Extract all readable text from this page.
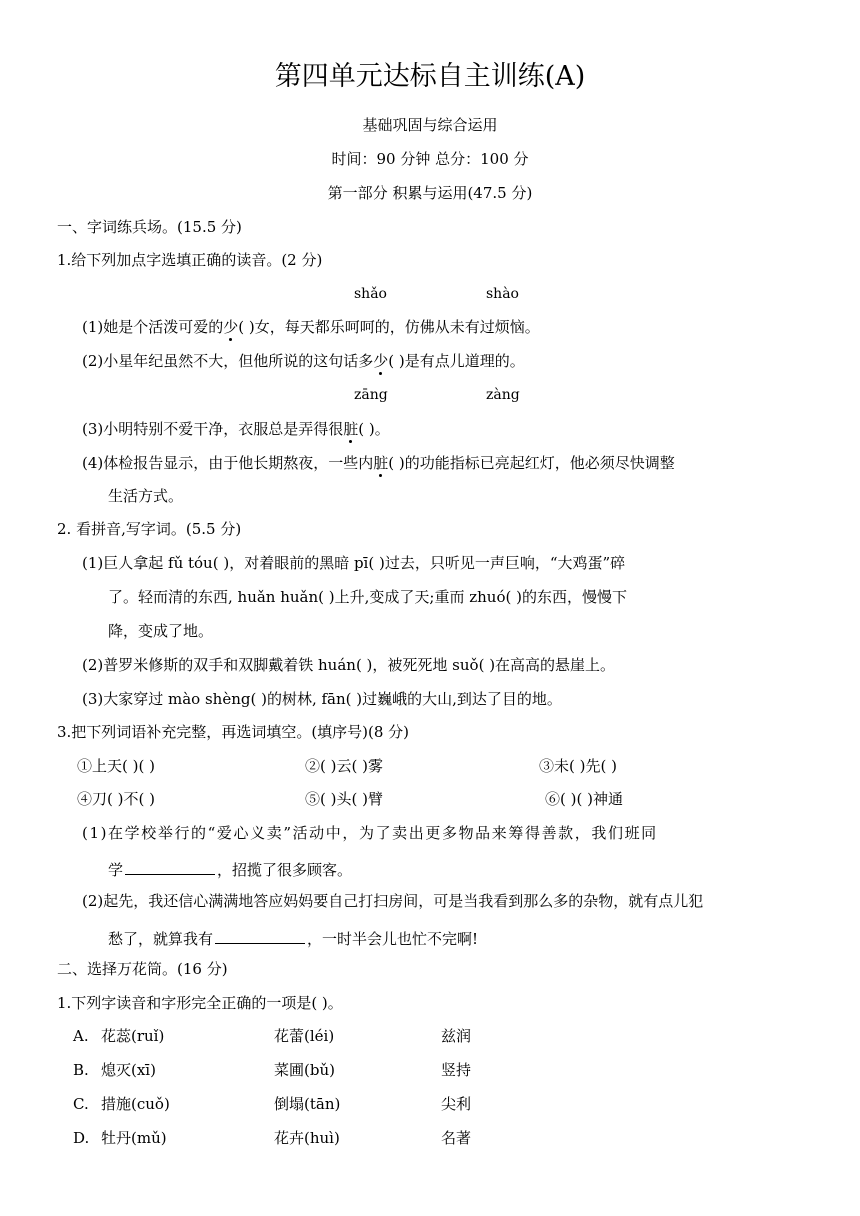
第四单元达标自主训练(A)
基础巩固与综合运用
时间：90 分钟 总分：100 分
第一部分 积累与运用(47.5 分)
一、字词练兵场。(15.5 分)
1.给下列加点字选填正确的读音。(2 分)
shǎo	shào
(1)她是个活泼可爱的少( )女，每天都乐呵呵的，仿佛从未有过烦恼。
(2)小星年纪虽然不大，但他所说的这句话多少( )是有点儿道理的。
zāng	zàng
(3)小明特别不爱干净，衣服总是弄得很脏( )。
(4)体检报告显示，由于他长期熬夜，一些内脏( )的功能指标已亮起红灯，他必须尽快调整
生活方式。
2. 看拼音,写字词。(5.5 分)
(1)巨人拿起 fǔ tóu( )，对着眼前的黑暗 pī( )过去，只听见一声巨响，“大鸡蛋”碎
了。轻而清的东西, huǎn huǎn( )上升,变成了天;重而 zhuó( )的东西，慢慢下
降，变成了地。
(2)普罗米修斯的双手和双脚戴着铁 huán( )，被死死地 suǒ( )在高高的悬崖上。
(3)大家穿过 mào shèng( )的树林, fān( )过巍峨的大山,到达了目的地。
3.把下列词语补充完整，再选词填空。(填序号)(8 分)
①上天( )( )	②( )云( )雾	③未( )先( )
④刀( )不( )	⑤( )头( )臂	⑥( )( )神通
(1)在学校举行的“爱心义卖”活动中，为了卖出更多物品来筹得善款，我们班同
学	，招揽了很多顾客。
(2)起先，我还信心满满地答应妈妈要自己打扫房间，可是当我看到那么多的杂物，就有点儿犯
愁了，就算我有	，一时半会儿也忙不完啊!
二、选择万花筒。(16 分)
1.下列字读音和字形完全正确的一项是( )。
A. 花蕊(ruǐ)	花蕾(léi)	兹润
B. 熄灭(xī)	菜圃(bǔ)	竖持
C. 措施(cuǒ)	倒塌(tān)	尖利
D. 牡丹(mǔ)	花卉(huì)	名著
